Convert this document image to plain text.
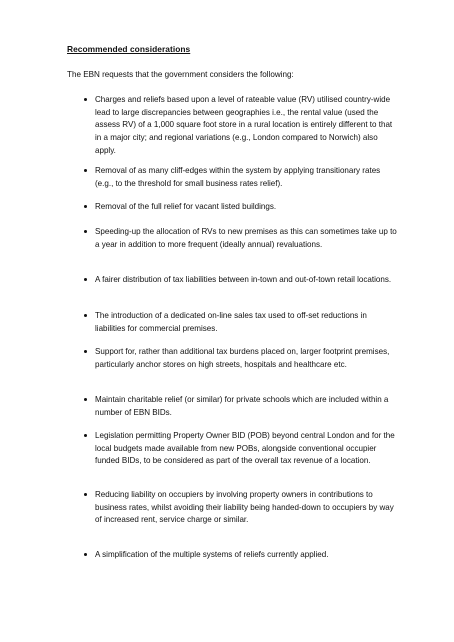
Recommended considerations

The EBN requests that the government considers the following:

Charges and reliefs based upon a level of rateable value (RV) utilised country-wide lead to large discrepancies between geographies i.e., the rental value (used the assess RV) of a 1,000 square foot store in a rural location is entirely different to that in a major city; and regional variations (e.g., London compared to Norwich) also apply.
Removal of as many cliff-edges within the system by applying transitionary rates (e.g., to the threshold for small business rates relief).
Removal of the full relief for vacant listed buildings.
Speeding-up the allocation of RVs to new premises as this can sometimes take up to a year in addition to more frequent (ideally annual) revaluations.
A fairer distribution of tax liabilities between in-town and out-of-town retail locations.
The introduction of a dedicated on-line sales tax used to off-set reductions in liabilities for commercial premises.
Support for, rather than additional tax burdens placed on, larger footprint premises, particularly anchor stores on high streets, hospitals and healthcare etc.
Maintain charitable relief (or similar) for private schools which are included within a number of EBN BIDs.
Legislation permitting Property Owner BID (POB) beyond central London and for the local budgets made available from new POBs, alongside conventional occupier funded BIDs, to be considered as part of the overall tax revenue of a location.
Reducing liability on occupiers by involving property owners in contributions to business rates, whilst avoiding their liability being handed-down to occupiers by way of increased rent, service charge or similar.
A simplification of the multiple systems of reliefs currently applied.
